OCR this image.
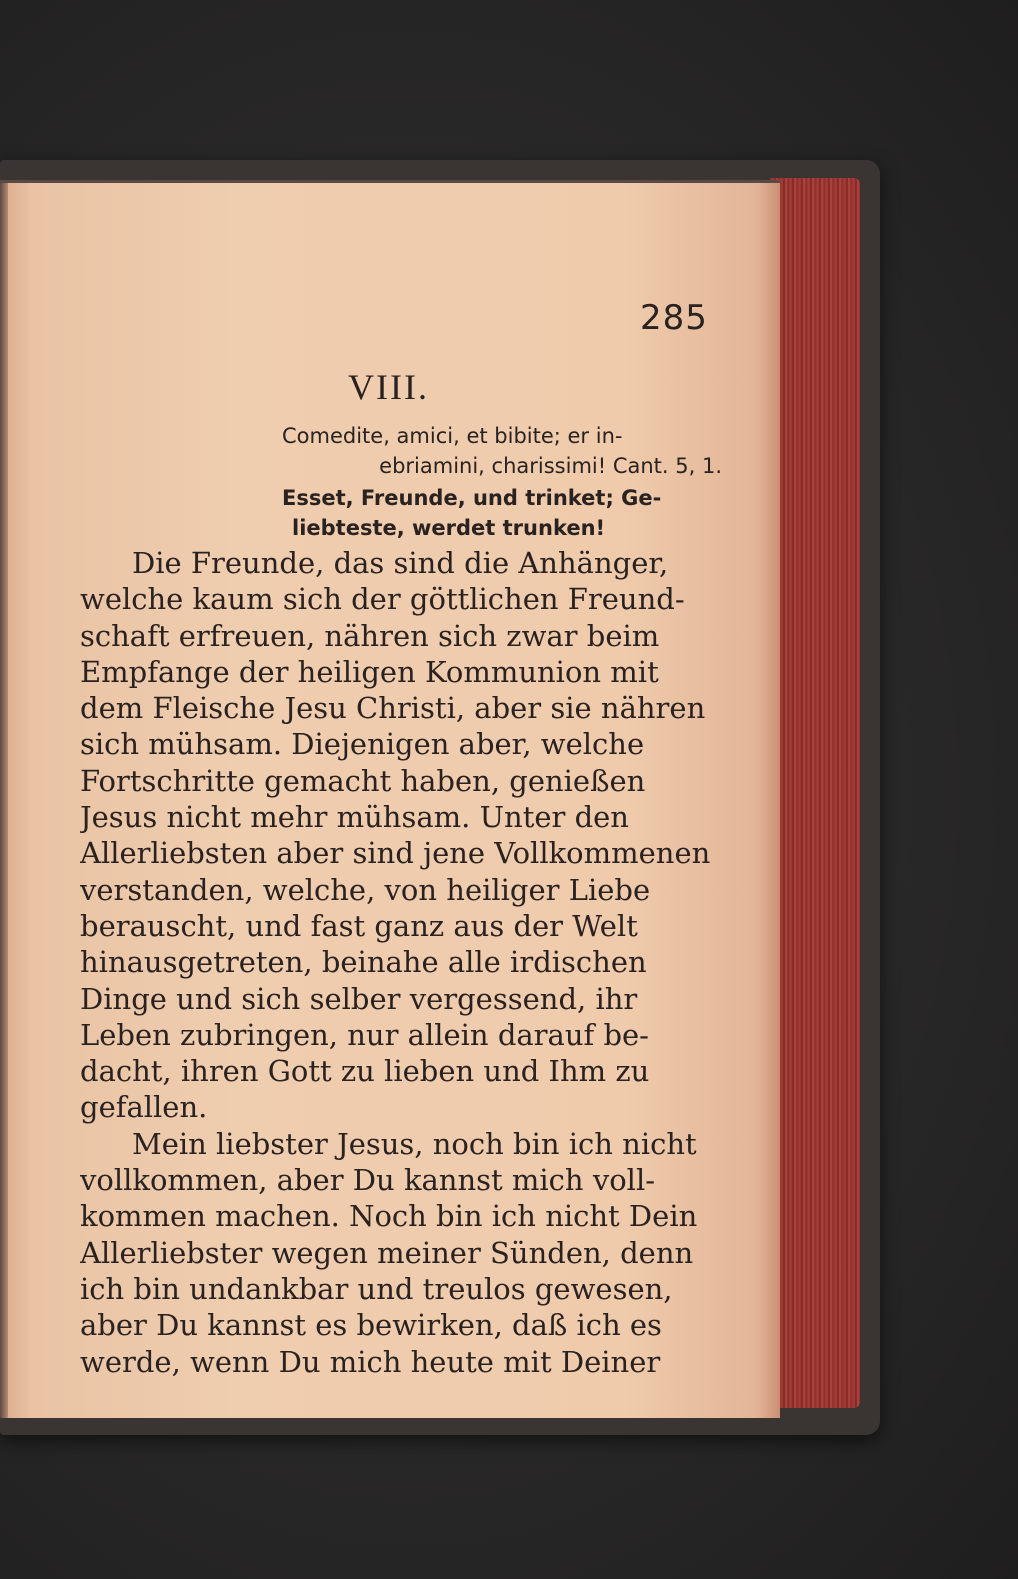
285
VIII.
Comedite, amici, et bibite; er in-
ebriamini, charissimi! Cant. 5, 1.
Esset, Freunde, und trinket; Ge-
liebteste, werdet trunken!
Die Freunde, das sind die Anhänger,
welche kaum sich der göttlichen Freund-
schaft erfreuen, nähren sich zwar beim
Empfange der heiligen Kommunion mit
dem Fleische Jesu Christi, aber sie nähren
sich mühsam. Diejenigen aber, welche
Fortschritte gemacht haben, genießen
Jesus nicht mehr mühsam. Unter den
Allerliebsten aber sind jene Vollkommenen
verstanden, welche, von heiliger Liebe
berauscht, und fast ganz aus der Welt
hinausgetreten, beinahe alle irdischen
Dinge und sich selber vergessend, ihr
Leben zubringen, nur allein darauf be-
dacht, ihren Gott zu lieben und Ihm zu
gefallen.
Mein liebster Jesus, noch bin ich nicht
vollkommen, aber Du kannst mich voll-
kommen machen. Noch bin ich nicht Dein
Allerliebster wegen meiner Sünden, denn
ich bin undankbar und treulos gewesen,
aber Du kannst es bewirken, daß ich es
werde, wenn Du mich heute mit Deiner
